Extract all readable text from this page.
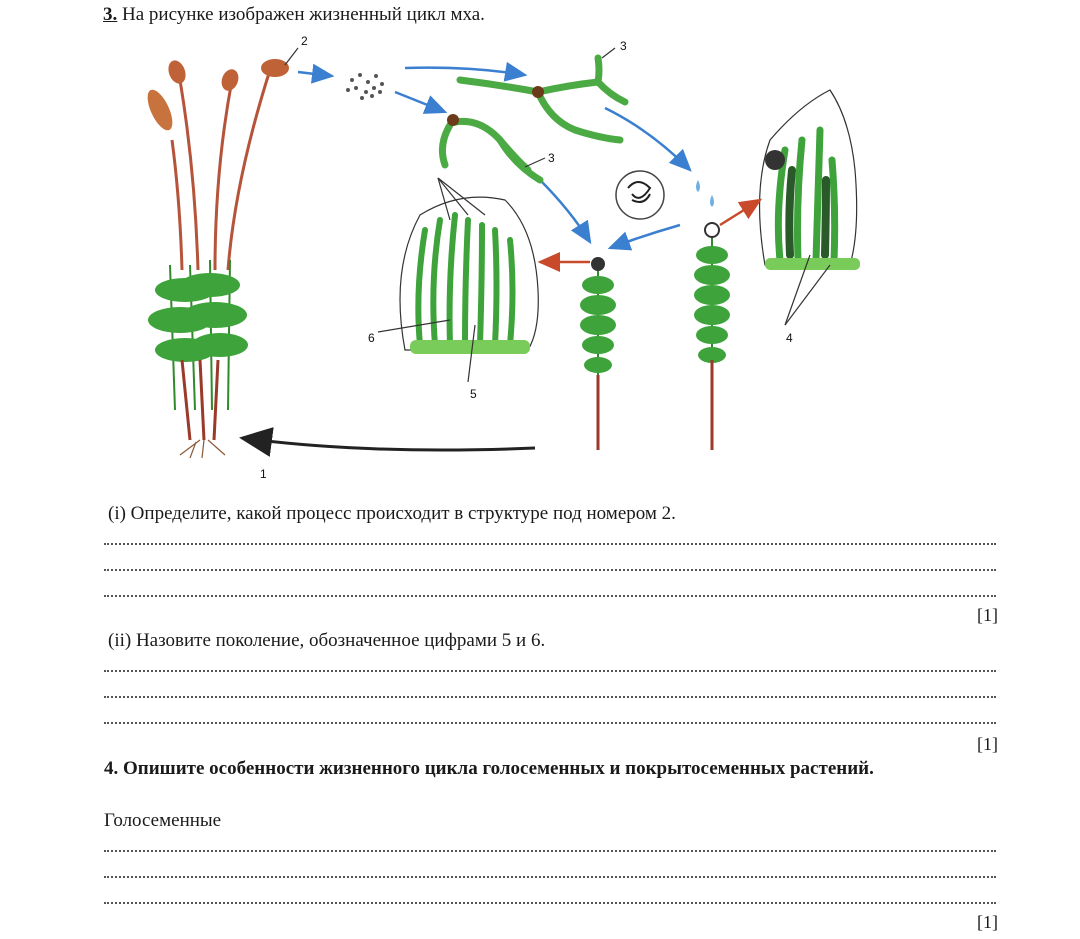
3. На рисунке изображен жизненный цикл мха.
1
2	3
3
4
5
6
(i) Определите, какой процесс происходит в структуре под номером 2.
[1]
(ii) Назовите поколение, обозначенное цифрами 5 и 6.
[1]
4. Опишите особенности жизненного цикла голосеменных и покрытосеменных растений.
Голосеменные
[1]
